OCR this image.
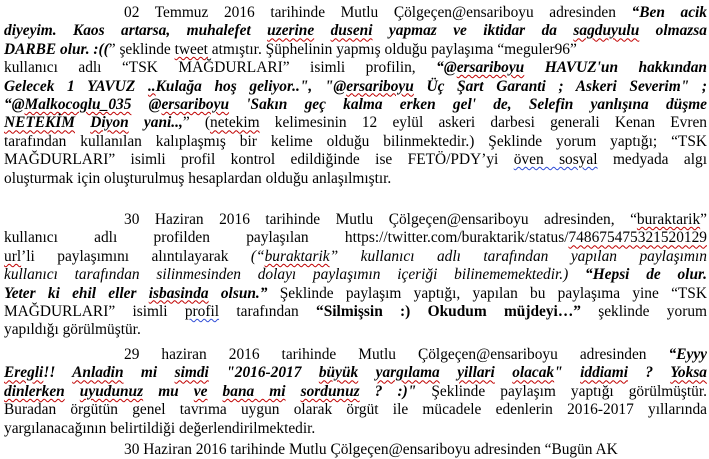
02 Temmuz 2016 tarihinde Mutlu Çölgeçen@ensariboyu adresinden “Ben acik
diyeyim. Kaos artarsa, muhalefet uzerine duseni yapmaz ve iktidar da sagduyulu olmazsa
DARBE olur. :((” şeklinde tweet atmıştır. Şüphelinin yapmış olduğu paylaşıma “meguler96”
kullanıcı adlı “TSK MAĞDURLARI” isimli profilin, “@ersariboyu HAVUZ'un hakkından
Gelecek 1 YAVUZ ..Kulağa hoş geliyor..", "@ersariboyu Üç Şart Garanti ; Askeri Severim" ;
“@Malkocoglu_035 @ersariboyu 'Sakın geç kalma erken gel' de, Selefin yanlışına düşme
NETEKİM Diyon yani..,” (netekim kelimesinin 12 eylül askeri darbesi generali Kenan Evren
tarafından kullanılan kalıplaşmış bir kelime olduğu bilinmektedir.) Şeklinde yorum yaptığı; “TSK
MAĞDURLARI” isimli profil kontrol edildiğinde ise FETÖ/PDY’yi öven sosyal medyada algı
oluşturmak için oluşturulmuş hesaplardan olduğu anlaşılmıştır.
30 Haziran 2016 tarihinde Mutlu Çölgeçen@ensariboyu adresinden, “buraktarik”
kullanıcı adlı profilden paylaşılan https://twitter.com/buraktarik/status/748675475321520129
url’li paylaşımını alıntılayarak (“buraktarik” kullanıcı adlı tarafından yapılan paylaşımın
kullanıcı tarafından silinmesinden dolayı paylaşımın içeriği bilinememektedir.) “Hepsi de olur.
Yeter ki ehil eller isbasinda olsun.” Şeklinde paylaşım yaptığı, yapılan bu paylaşıma yine “TSK
MAĞDURLARI” isimli profil tarafından “Silmişsin :) Okudum müjdeyi…” şeklinde yorum
yapıldığı görülmüştür.
29 haziran 2016 tarihinde Mutlu Çölgeçen@ensariboyu adresinden “Eyyy
Eregli!! Anladin mi simdi "2016-2017 büyük yargılama yillari olacak" iddiami ? Yoksa
dinlerken uyudunuz mu ve bana mi sordunuz ? :)" Şeklinde paylaşım yaptığı görülmüştür.
Buradan örgütün genel tavrıma uygun olarak örgüt ile mücadele edenlerin 2016-2017 yıllarında
yargılanacağının belirtildiği değerlendirilmektedir.
30 Haziran 2016 tarihinde Mutlu Çölgeçen@ensariboyu adresinden “Bugün AK
